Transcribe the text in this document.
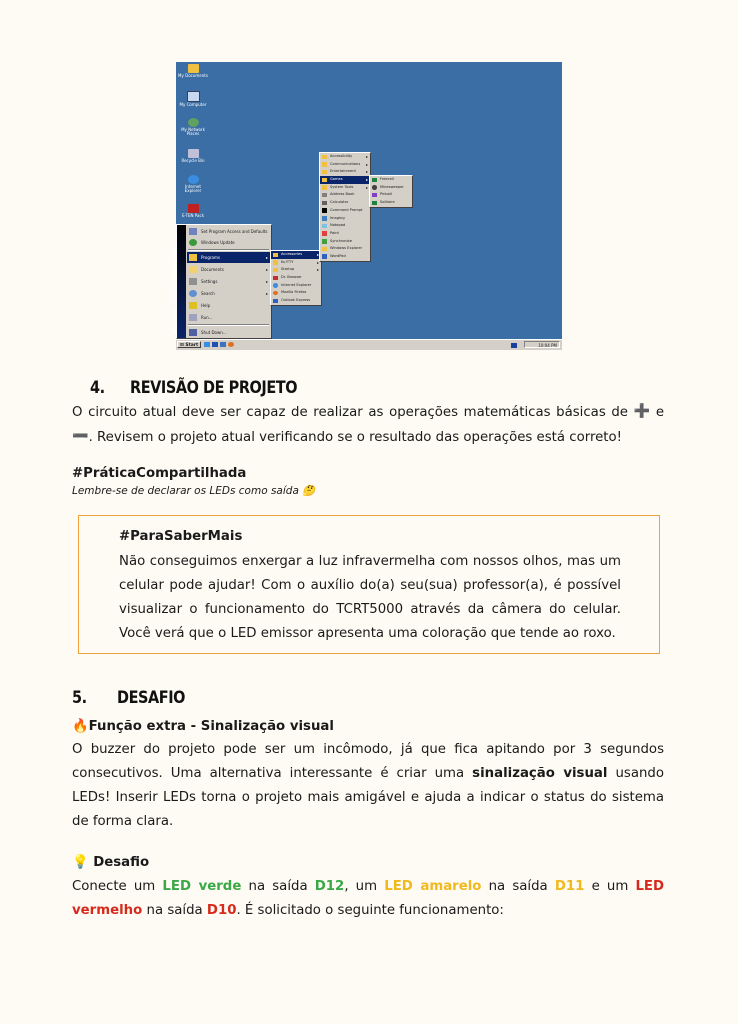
My Documents
My Computer
My Network Places
Recycle Bin
Internet Explorer
E-TEN Pack
Windows 2000 Professional
Set Program Access and Defaults
Windows Update
Programs	▸
Documents	▸
Settings	▸
Search	▸
Help
Run...
Shut Down...
Accessories	▸
Ku!TTY	▸
Startup	▸
Dr. Browser
Internet Explorer
Mozilla Firefox
Outlook Express
Accessibility	▸
Communications ▸
Entertainment	▸
Games	▸
System Tools	▸
Address Book
Calculator
Command Prompt
Imaging
Notepad
Paint
Synchronize
Windows Explorer
WordPad
Freecell
Minesweeper
Pinball
Solitaire
⊞ Start	10:04 PM
4. REVISÃO DE PROJETO
O circuito atual deve ser capaz de realizar as operações matemáticas básicas de ➕ e ➖. Revisem o projeto atual verificando se o resultado das operações está correto!
#PráticaCompartilhada
Lembre-se de declarar os LEDs como saída 🤔
#ParaSaberMais
Não conseguimos enxergar a luz infravermelha com nossos olhos, mas um celular pode ajudar! Com o auxílio do(a) seu(sua) professor(a), é possível visualizar o funcionamento do TCRT5000 através da câmera do celular. Você verá que o LED emissor apresenta uma coloração que tende ao roxo.
5. DESAFIO
🔥Função extra - Sinalização visual
O buzzer do projeto pode ser um incômodo, já que fica apitando por 3 segundos consecutivos. Uma alternativa interessante é criar uma sinalização visual usando LEDs! Inserir LEDs torna o projeto mais amigável e ajuda a indicar o status do sistema de forma clara.
💡 Desafio
Conecte um LED verde na saída D12, um LED amarelo na saída D11 e um LED vermelho na saída D10. É solicitado o seguinte funcionamento:
